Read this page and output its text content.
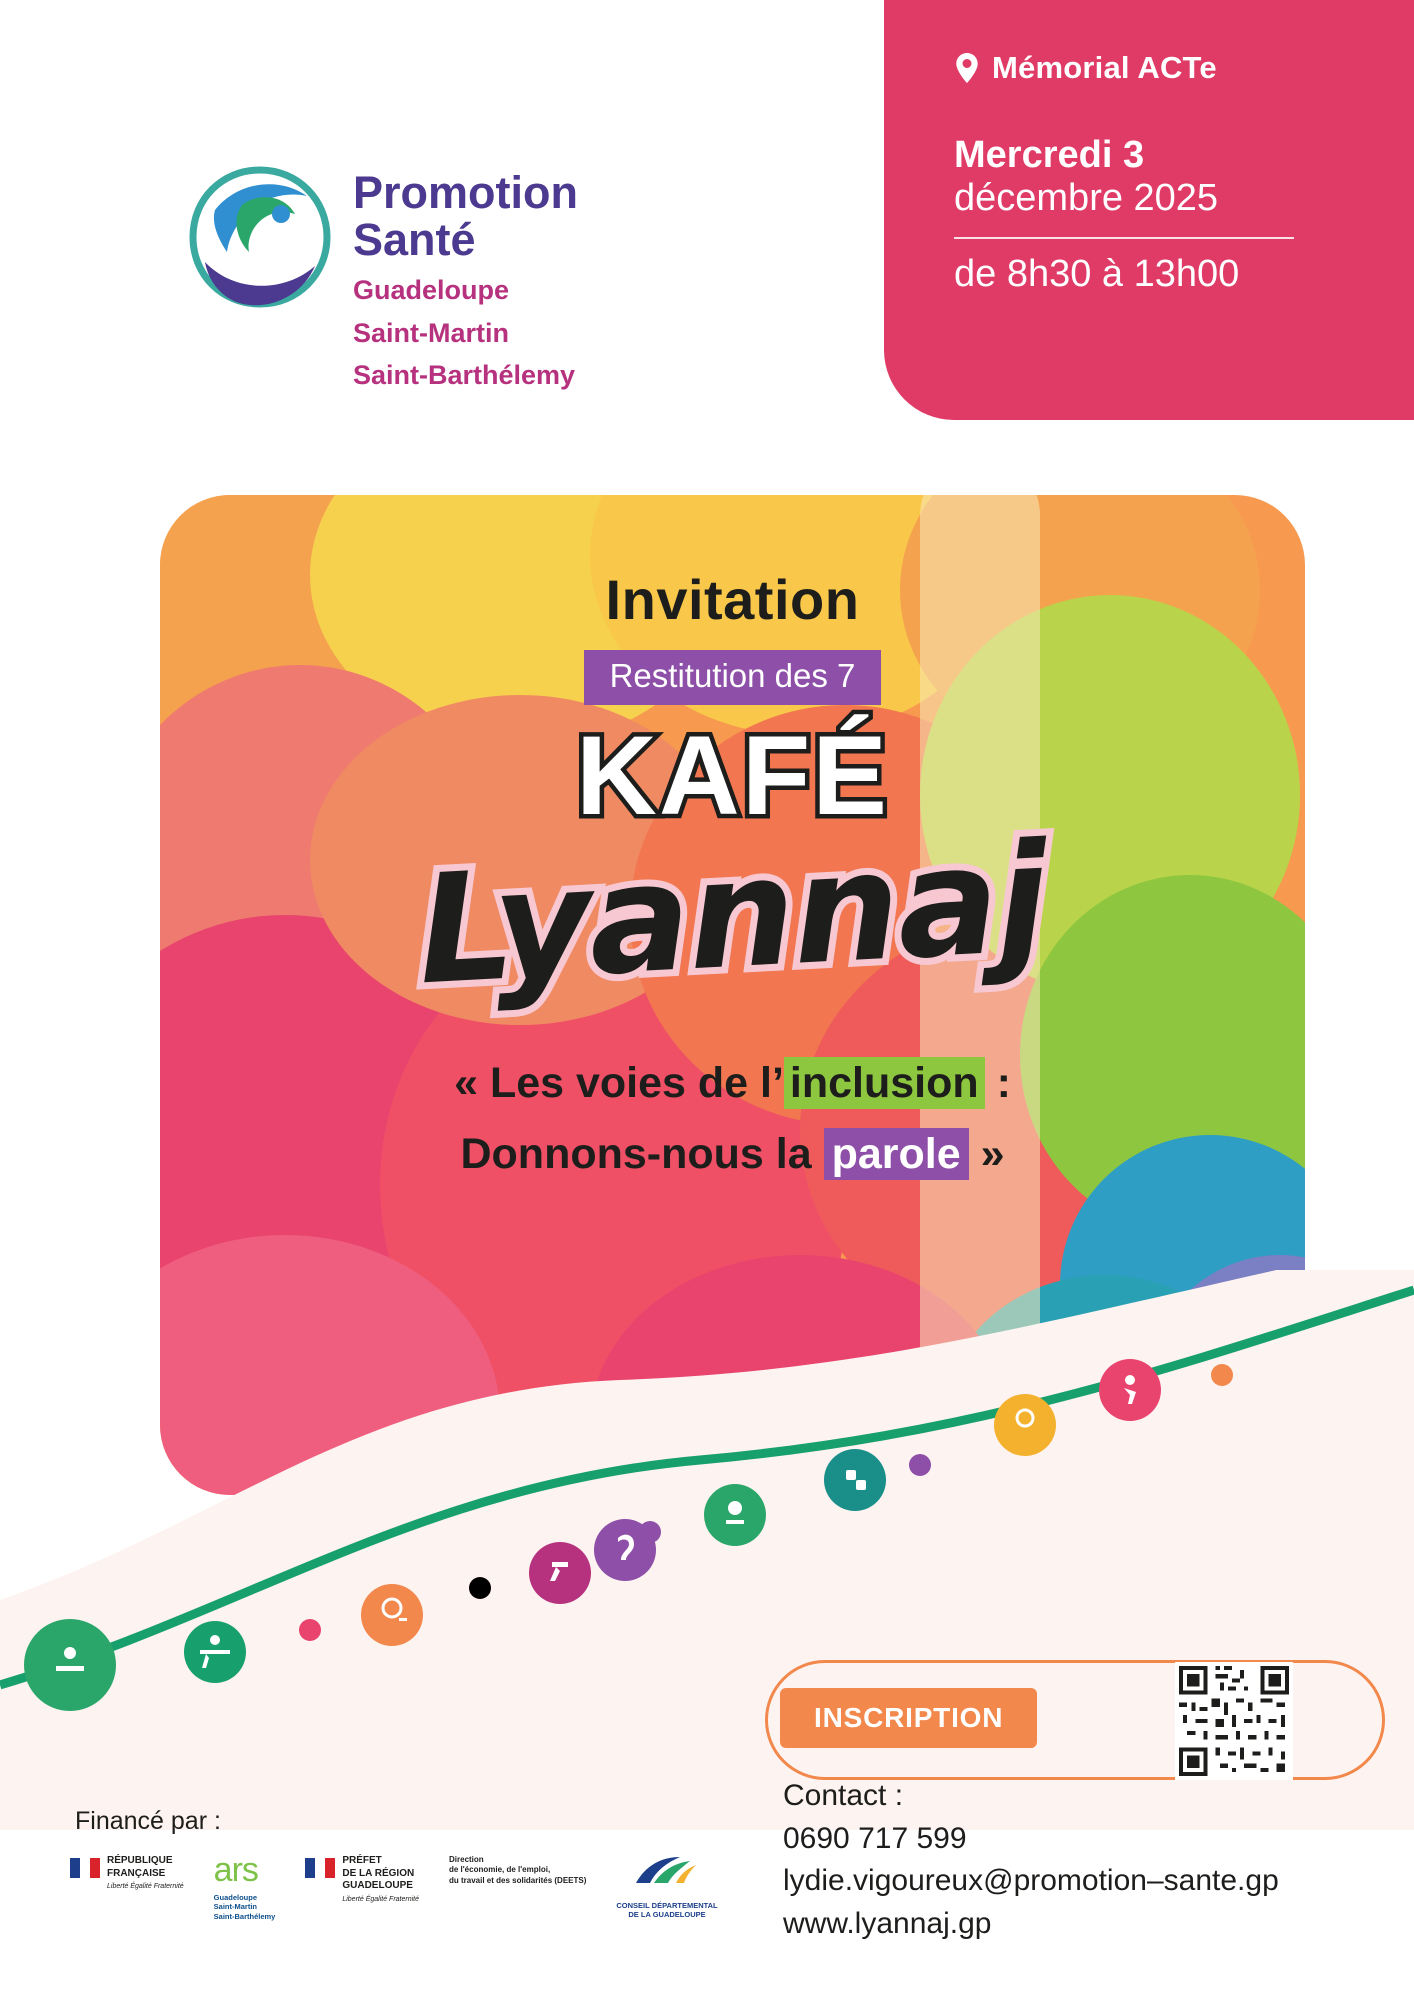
Mémorial ACTe
Mercredi 3
décembre 2025
de 8h30 à 13h00
Promotion
Santé
Guadeloupe
Saint-Martin
Saint-Barthélemy
Invitation
Restitution des 7
KAFÉ
Lyannaj
« Les voies de l’ inclusion :
Donnons-nous la parole »
INSCRIPTION
Contact :
0690 717 599
lydie.vigoureux@promotion–sante.gp
www.lyannaj.gp
Financé par :
RÉPUBLIQUE
FRANÇAISE
Liberté Égalité Fraternité ars
Guadeloupe
Saint-Martin
Saint-Barthélemy
PRÉFET
DE LA RÉGION
GUADELOUPE
Liberté Égalité Fraternité
Direction
de l'économie, de l'emploi,
du travail et des solidarités (DEETS)
CONSEIL DÉPARTEMENTAL
DE LA GUADELOUPE
